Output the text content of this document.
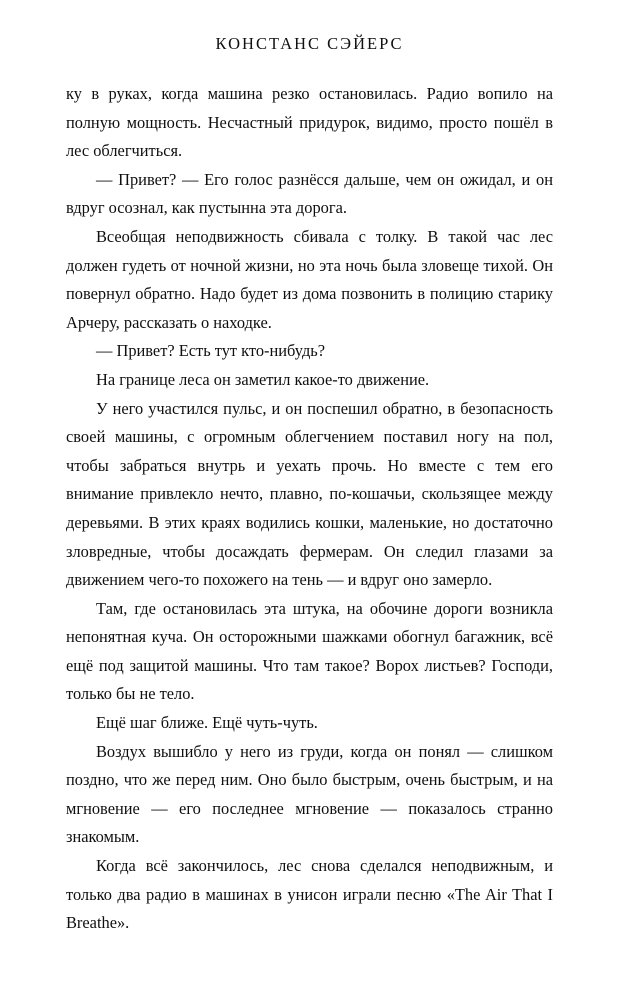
КОНСТАНС СЭЙЕРС

ку в руках, когда машина резко остановилась. Радио вопило на полную мощность. Несчастный придурок, видимо, просто пошёл в лес облегчиться.

— Привет? — Его голос разнёсся дальше, чем он ожидал, и он вдруг осознал, как пустынна эта дорога.

Всеобщая неподвижность сбивала с толку. В такой час лес должен гудеть от ночной жизни, но эта ночь была зловеще тихой. Он повернул обратно. Надо будет из дома позвонить в полицию старику Арчеру, рассказать о находке.

— Привет? Есть тут кто-нибудь?

На границе леса он заметил какое-то движение.

У него участился пульс, и он поспешил обратно, в безопасность своей машины, с огромным облегчением поставил ногу на пол, чтобы забраться внутрь и уехать прочь. Но вместе с тем его внимание привлекло нечто, плавно, по-кошачьи, скользящее между деревьями. В этих краях водились кошки, маленькие, но достаточно зловредные, чтобы досаждать фермерам. Он следил глазами за движением чего-то похожего на тень — и вдруг оно замерло.

Там, где остановилась эта штука, на обочине дороги возникла непонятная куча. Он осторожными шажками обогнул багажник, всё ещё под защитой машины. Что там такое? Ворох листьев? Господи, только бы не тело.

Ещё шаг ближе. Ещё чуть-чуть.

Воздух вышибло у него из груди, когда он понял — слишком поздно, что же перед ним. Оно было быстрым, очень быстрым, и на мгновение — его последнее мгновение — показалось странно знакомым.

Когда всё закончилось, лес снова сделался неподвижным, и только два радио в машинах в унисон играли песню «The Air That I Breathe».
